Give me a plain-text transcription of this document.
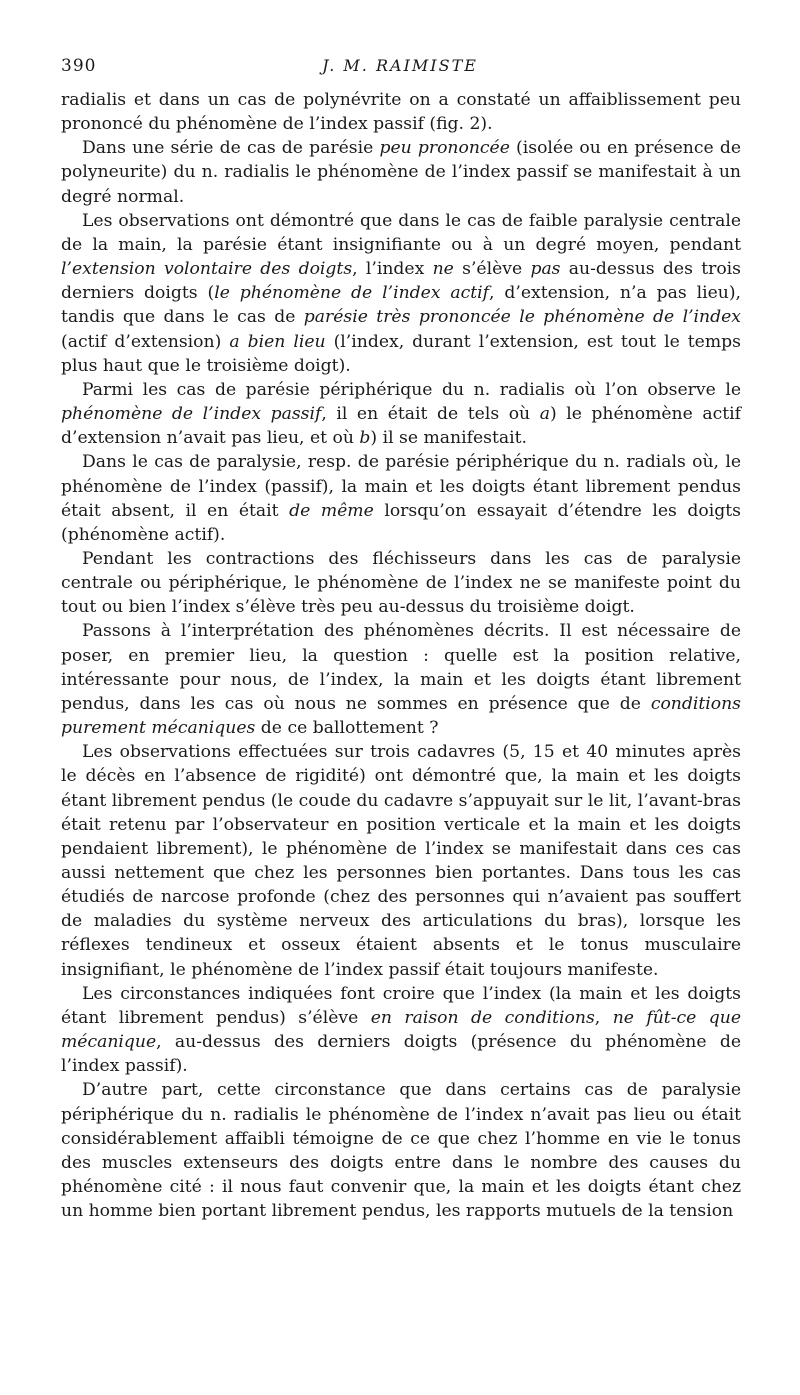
390	J. M. RAIMISTE

radialis et dans un cas de polynévrite on a constaté un affaiblissement peu prononcé du phénomène de l’index passif (fig. 2).

Dans une série de cas de parésie peu prononcée (isolée ou en présence de polyneurite) du n. radialis le phénomène de l’index passif se manifestait à un degré normal.

Les observations ont démontré que dans le cas de faible paralysie centrale de la main, la parésie étant insignifiante ou à un degré moyen, pendant l’extension volontaire des doigts, l’index ne s’élève pas au-dessus des trois derniers doigts (le phénomène de l’index actif, d’extension, n’a pas lieu), tandis que dans le cas de parésie très prononcée le phénomène de l’index (actif d’extension) a bien lieu (l’index, durant l’extension, est tout le temps plus haut que le troisième doigt).

Parmi les cas de parésie périphérique du n. radialis où l’on observe le phénomène de l’index passif, il en était de tels où a) le phénomène actif d’extension n’avait pas lieu, et où b) il se manifestait.

Dans le cas de paralysie, resp. de parésie périphérique du n. radials où, le phénomène de l’index (passif), la main et les doigts étant librement pendus était absent, il en était de même lorsqu’on essayait d’étendre les doigts (phénomène actif).

Pendant les contractions des fléchisseurs dans les cas de paralysie centrale ou périphérique, le phénomène de l’index ne se manifeste point du tout ou bien l’index s’élève très peu au-dessus du troisième doigt.

Passons à l’interprétation des phénomènes décrits. Il est nécessaire de poser, en premier lieu, la question : quelle est la position relative, intéressante pour nous, de l’index, la main et les doigts étant librement pendus, dans les cas où nous ne sommes en présence que de conditions purement mécaniques de ce ballottement ?

Les observations effectuées sur trois cadavres (5, 15 et 40 minutes après le décès en l’absence de rigidité) ont démontré que, la main et les doigts étant librement pendus (le coude du cadavre s’appuyait sur le lit, l’avant-bras était retenu par l’observateur en position verticale et la main et les doigts pendaient librement), le phénomène de l’index se manifestait dans ces cas aussi nettement que chez les personnes bien portantes. Dans tous les cas étudiés de narcose profonde (chez des personnes qui n’avaient pas souffert de maladies du système nerveux des articulations du bras), lorsque les réflexes tendineux et osseux étaient absents et le tonus musculaire insignifiant, le phénomène de l’index passif était toujours manifeste.

Les circonstances indiquées font croire que l’index (la main et les doigts étant librement pendus) s’élève en raison de conditions, ne fût-ce que mécanique, au-dessus des derniers doigts (présence du phénomène de l’index passif).

D’autre part, cette circonstance que dans certains cas de paralysie périphérique du n. radialis le phénomène de l’index n’avait pas lieu ou était considérablement affaibli témoigne de ce que chez l’homme en vie le tonus des muscles extenseurs des doigts entre dans le nombre des causes du phénomène cité : il nous faut convenir que, la main et les doigts étant chez un homme bien portant librement pendus, les rapports mutuels de la tension
